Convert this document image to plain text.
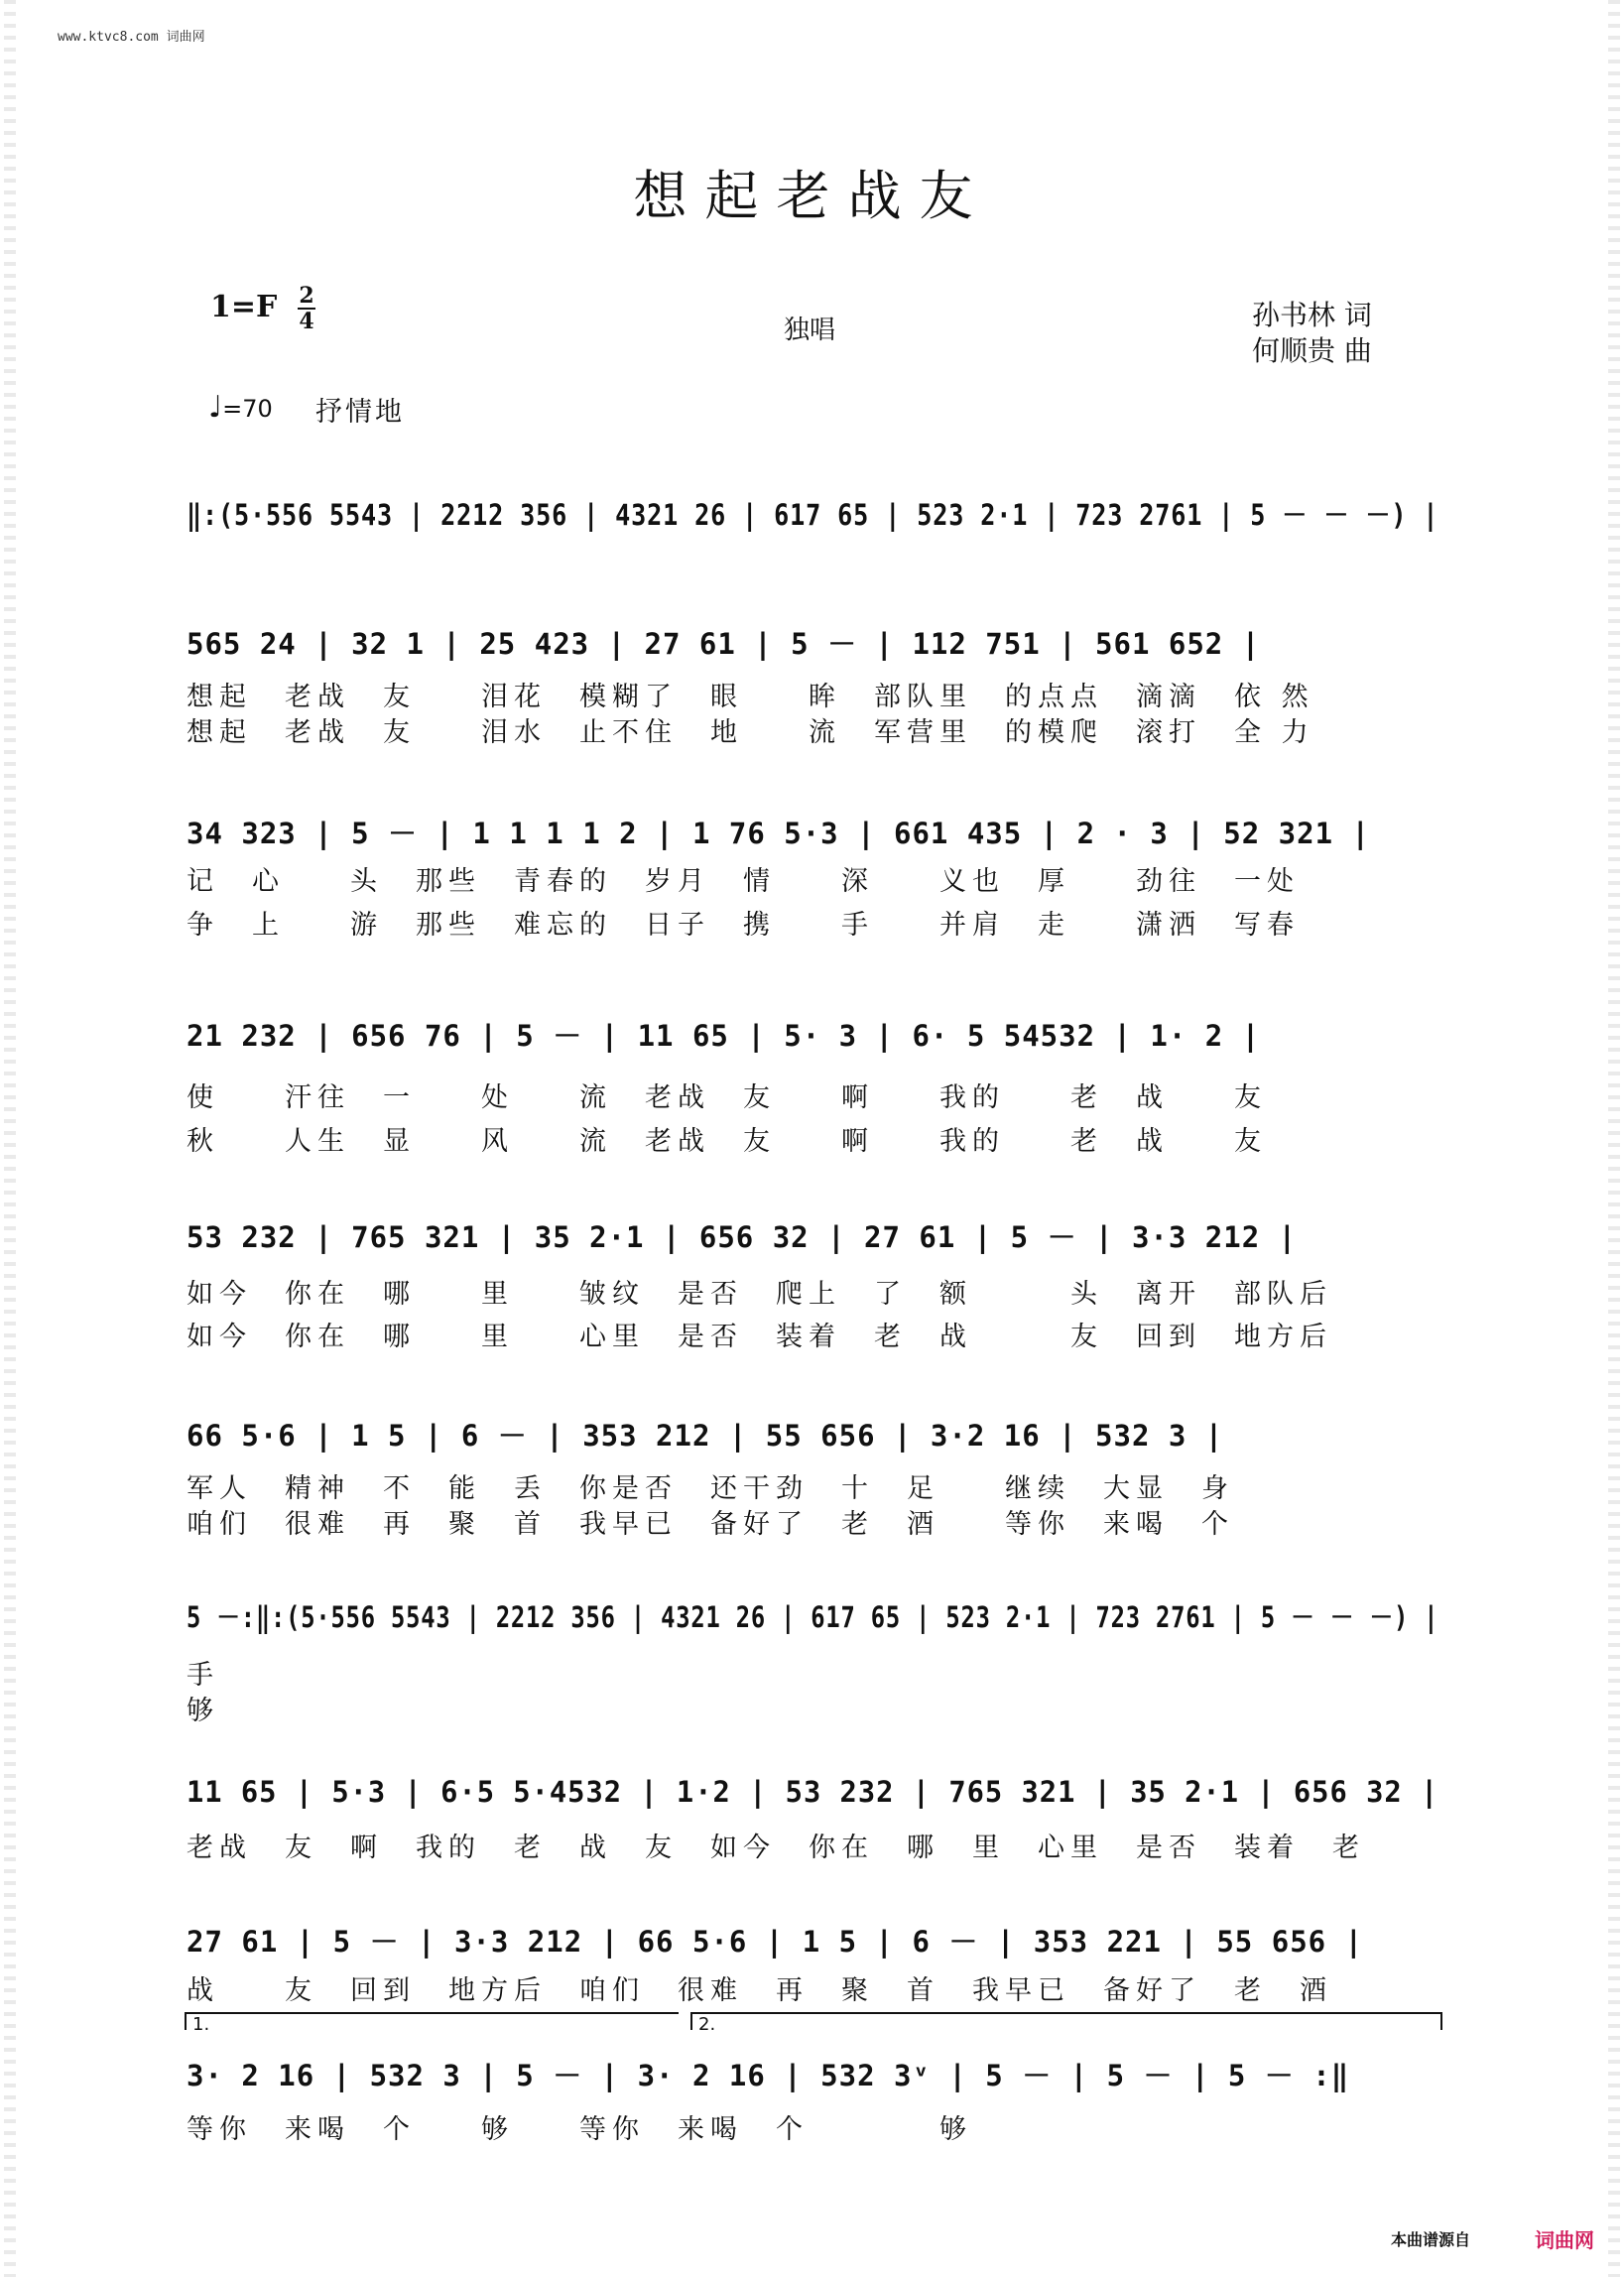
www.ktvc8.com 词曲网
想起老战友
1=F 2
4	独唱	孙书林 词
何顺贵 曲
♩=70 抒情地
‖:(5·556 5543 | 2212 356 | 4321 26 | 617 65 | 523 2·1 | 723 2761 | 5 － － －) |
565 24 | 32 1 | 25 423 | 27 61 | 5 － | 112 751 | 561 652 |
想起　老战　友　　泪花　模糊了　眼　　眸　部队里　的点点　滴滴　依 然
想起　老战　友　　泪水　止不住　地　　流　军营里　的模爬　滚打　全 力
34 323 | 5 － | 1 1 1 1 2 | 1 76 5·3 | 661 435 | 2 · 3 | 52 321 |
记　心　　头　那些　青春的　岁月　情　　深　　义也　厚　　劲往　一处
争　上　　游　那些　难忘的　日子　携　　手　　并肩　走　　潇洒　写春
21 232 | 656 76 | 5 － | 11 65 | 5· 3 | 6· 5 54532 | 1· 2 |
使　　汗往　一　　处　　流　老战　友　　啊　　我的　　老　战　　友
秋　　人生　显　　风　　流　老战　友　　啊　　我的　　老　战　　友
53 232 | 765 321 | 35 2·1 | 656 32 | 27 61 | 5 － | 3·3 212 |
如今　你在　哪　　里　　皱纹　是否　爬上　了　额　　　头　离开　部队后
如今　你在　哪　　里　　心里　是否　装着　老　战　　　友　回到　地方后
66 5·6 | 1 5 | 6 － | 353 212 | 55 656 | 3·2 16 | 532 3 |
军人　精神　不　能　丢　你是否　还干劲　十　足　　继续　大显　身
咱们　很难　再　聚　首　我早已　备好了　老　酒　　等你　来喝　个
5 －:‖:(5·556 5543 | 2212 356 | 4321 26 | 617 65 | 523 2·1 | 723 2761 | 5 － － －) |
手
够
11 65 | 5·3 | 6·5 5·4532 | 1·2 | 53 232 | 765 321 | 35 2·1 | 656 32 |
老战　友　啊　我的　老　战　友　如今　你在　哪　里　心里　是否　装着　老
27 61 | 5 － | 3·3 212 | 66 5·6 | 1 5 | 6 － | 353 221 | 55 656 |
战　　友　回到　地方后　咱们　很难　再　聚　首　我早已　备好了　老　酒
1.	2.
3· 2 16 | 532 3 | 5 － | 3· 2 16 | 532 3ᵛ | 5 － | 5 － | 5 － :‖
等你　来喝　个　　够　　等你　来喝　个　　　　够
本曲谱源自	词曲网
